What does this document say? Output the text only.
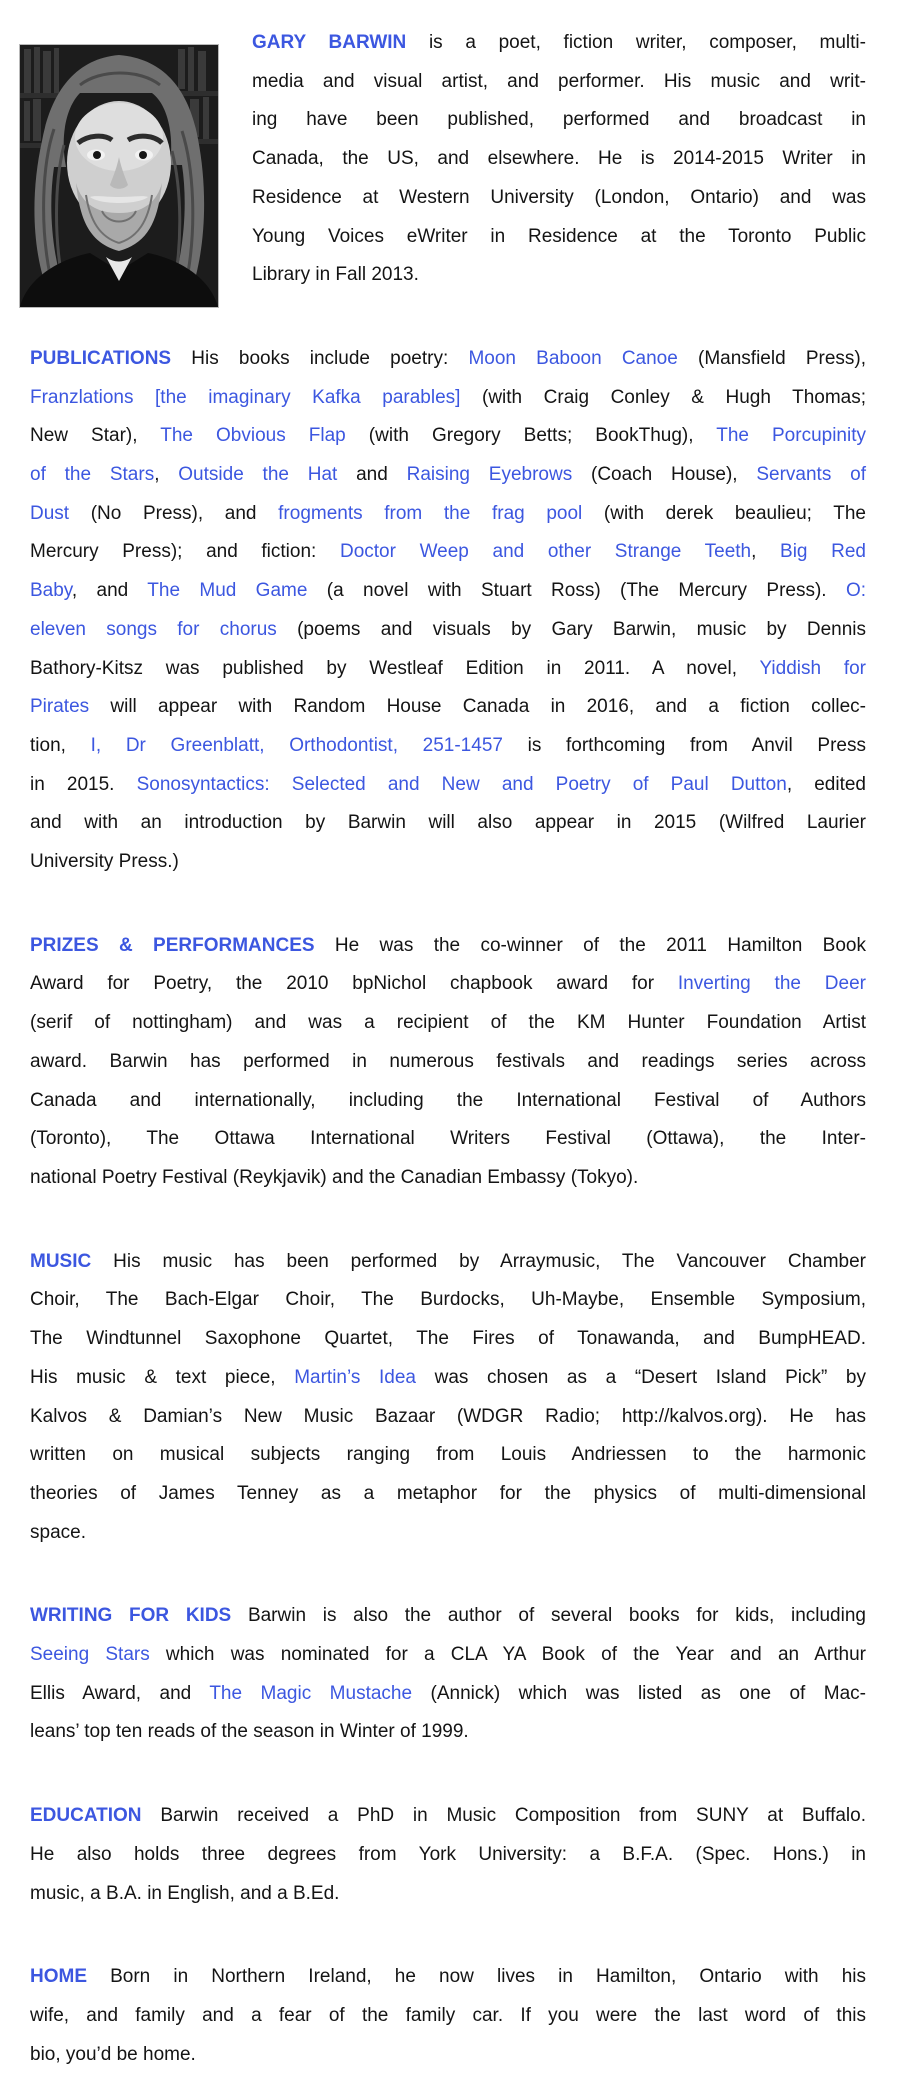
GARY BARWIN is a poet, fiction writer, composer, multi-
media and visual artist, and performer. His music and writ-
ing have been published, performed and broadcast in
Canada, the US, and elsewhere. He is 2014-2015 Writer in
Residence at Western University (London, Ontario) and was
Young Voices eWriter in Residence at the Toronto Public
Library in Fall 2013.
PUBLICATIONS His books include poetry: Moon Baboon Canoe (Mansfield Press),
Franzlations [the imaginary Kafka parables] (with Craig Conley & Hugh Thomas;
New Star), The Obvious Flap (with Gregory Betts; BookThug), The Porcupinity
of the Stars, Outside the Hat and Raising Eyebrows (Coach House), Servants of
Dust (No Press), and frogments from the frag pool (with derek beaulieu; The
Mercury Press); and fiction: Doctor Weep and other Strange Teeth, Big Red
Baby, and The Mud Game (a novel with Stuart Ross) (The Mercury Press). O:
eleven songs for chorus (poems and visuals by Gary Barwin, music by Dennis
Bathory-Kitsz was published by Westleaf Edition in 2011. A novel, Yiddish for
Pirates will appear with Random House Canada in 2016, and a fiction collec-
tion, I, Dr Greenblatt, Orthodontist, 251-1457 is forthcoming from Anvil Press
in 2015. Sonosyntactics: Selected and New and Poetry of Paul Dutton, edited
and with an introduction by Barwin will also appear in 2015 (Wilfred Laurier
University Press.)
PRIZES & PERFORMANCES He was the co-winner of the 2011 Hamilton Book
Award for Poetry, the 2010 bpNichol chapbook award for Inverting the Deer
(serif of nottingham) and was a recipient of the KM Hunter Foundation Artist
award. Barwin has performed in numerous festivals and readings series across
Canada and internationally, including the International Festival of Authors
(Toronto), The Ottawa International Writers Festival (Ottawa), the Inter-
national Poetry Festival (Reykjavik) and the Canadian Embassy (Tokyo).
MUSIC His music has been performed by Arraymusic, The Vancouver Chamber
Choir, The Bach-Elgar Choir, The Burdocks, Uh-Maybe, Ensemble Symposium,
The Windtunnel Saxophone Quartet, The Fires of Tonawanda, and BumpHEAD.
His music & text piece, Martin’s Idea was chosen as a “Desert Island Pick” by
Kalvos & Damian’s New Music Bazaar (WDGR Radio; http://kalvos.org). He has
written on musical subjects ranging from Louis Andriessen to the harmonic
theories of James Tenney as a metaphor for the physics of multi-dimensional
space.
WRITING FOR KIDS Barwin is also the author of several books for kids, including
Seeing Stars which was nominated for a CLA YA Book of the Year and an Arthur
Ellis Award, and The Magic Mustache (Annick) which was listed as one of Mac-
leans’ top ten reads of the season in Winter of 1999.
EDUCATION Barwin received a PhD in Music Composition from SUNY at Buffalo.
He also holds three degrees from York University: a B.F.A. (Spec. Hons.) in
music, a B.A. in English, and a B.Ed.
HOME Born in Northern Ireland, he now lives in Hamilton, Ontario with his
wife, and family and a fear of the family car. If you were the last word of this
bio, you’d be home.
